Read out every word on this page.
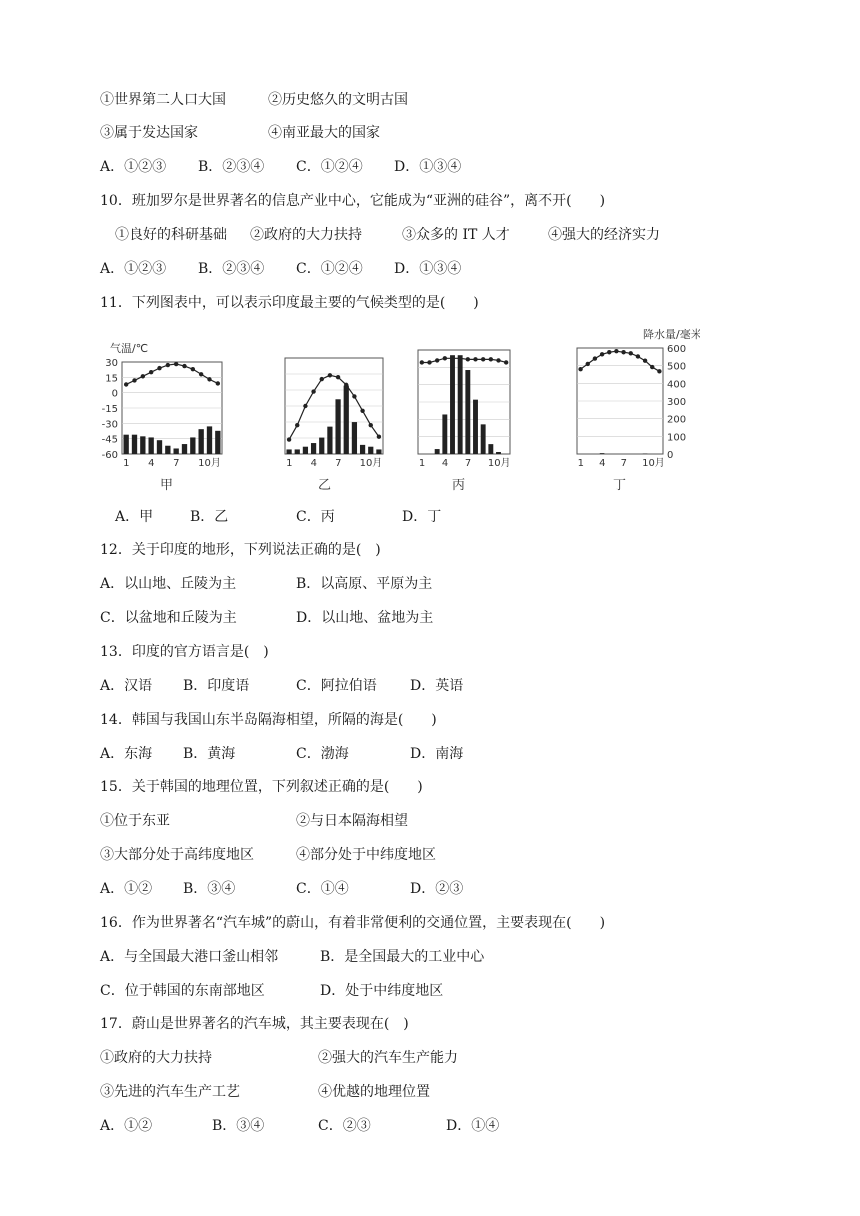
①世界第二人口大国	②历史悠久的文明古国
③属于发达国家	④南亚最大的国家
A．①②③ B．②③④ C．①②④ D．①③④
10．班加罗尔是世界著名的信息产业中心，它能成为“亚洲的硅谷”，离不开(　　)
①良好的科研基础 ②政府的大力扶持	③众多的 IT 人才	④强大的经济实力
A．①②③ B．②③④ C．①②④ D．①③④
11．下列图表中，可以表示印度最主要的气候类型的是(　　)
1 4 7 10月
30
15
0
-15
-30
-45
-60
气温/℃
1 4 7 10月	1 4 7 10月	1 4 7 10月
600
500
400
300
200
100
0
降水量/毫米
甲	乙	丙	丁
A．甲	B．乙	C．丙	D．丁
12．关于印度的地形，下列说法正确的是(　)
A．以山地、丘陵为主	B．以高原、平原为主
C．以盆地和丘陵为主	D．以山地、盆地为主
13．印度的官方语言是(　)
A．汉语 B．印度语	C．阿拉伯语 D．英语
14．韩国与我国山东半岛隔海相望，所隔的海是(　　)
A．东海 B．黄海	C．渤海	D．南海
15．关于韩国的地理位置，下列叙述正确的是(　　)
①位于东亚	②与日本隔海相望
③大部分处于高纬度地区	④部分处于中纬度地区
A．①② B．③④	C．①④	D．②③
16．作为世界著名“汽车城”的蔚山，有着非常便利的交通位置，主要表现在(　　)
A．与全国最大港口釜山相邻	B．是全国最大的工业中心
C．位于韩国的东南部地区	D．处于中纬度地区
17．蔚山是世界著名的汽车城，其主要表现在(　)
①政府的大力扶持	②强大的汽车生产能力
③先进的汽车生产工艺	④优越的地理位置
A．①②	B．③④	C．②③	D．①④
